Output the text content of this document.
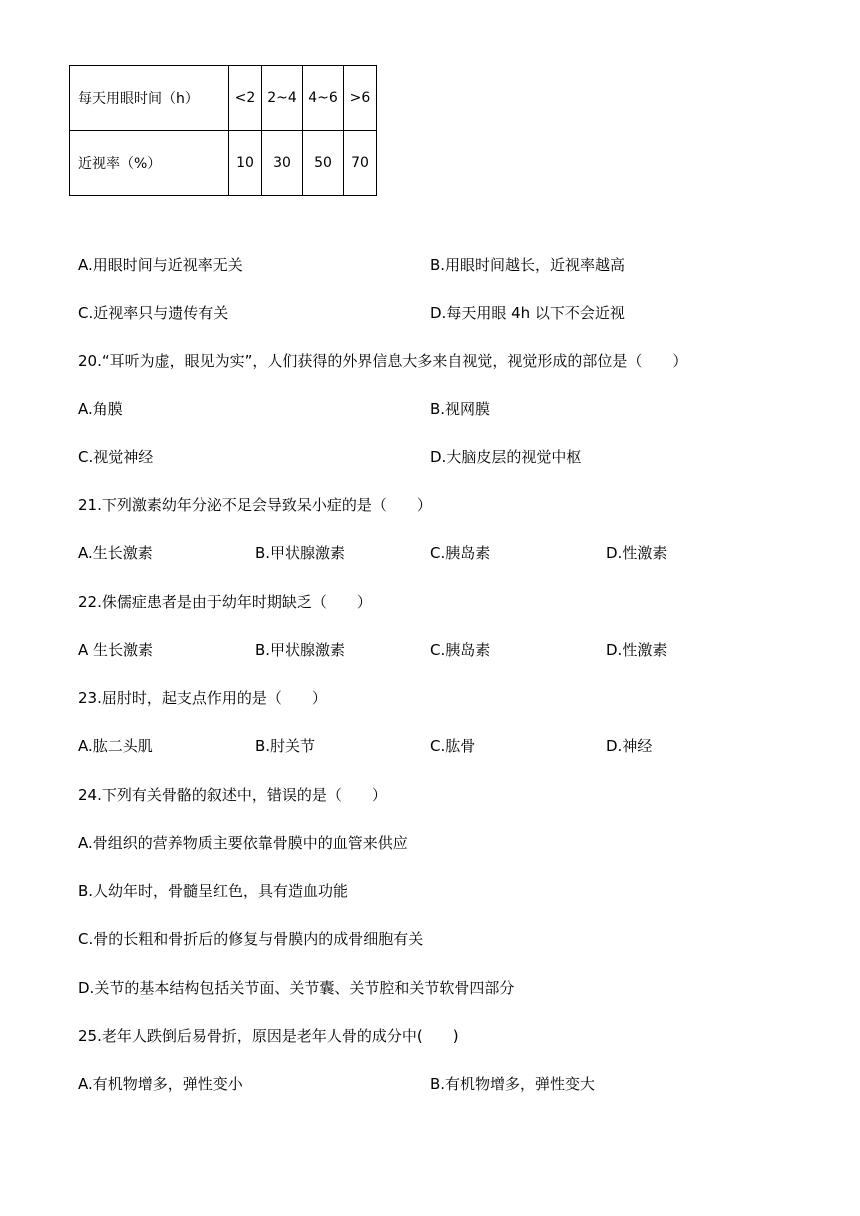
每天用眼时间（h）	<2	2~4	4~6	>6
近视率（%）	10	30	50	70
A.用眼时间与近视率无关	B.用眼时间越长，近视率越高
C.近视率只与遗传有关	D.每天用眼 4h 以下不会近视
20.“耳听为虚，眼见为实”，人们获得的外界信息大多来自视觉，视觉形成的部位是（　　）
A.角膜	B.视网膜
C.视觉神经	D.大脑皮层的视觉中枢
21.下列激素幼年分泌不足会导致呆小症的是（　　）
A.生长激素	B.甲状腺激素	C.胰岛素	D.性激素
22.侏儒症患者是由于幼年时期缺乏（　　）
A 生长激素	B.甲状腺激素	C.胰岛素	D.性激素
23.屈肘时，起支点作用的是（　　）
A.肱二头肌	B.肘关节	C.肱骨	D.神经
24.下列有关骨骼的叙述中，错误的是（　　）
A.骨组织的营养物质主要依靠骨膜中的血管来供应
B.人幼年时，骨髓呈红色，具有造血功能
C.骨的长粗和骨折后的修复与骨膜内的成骨细胞有关
D.关节的基本结构包括关节面、关节囊、关节腔和关节软骨四部分
25.老年人跌倒后易骨折，原因是老年人骨的成分中(　　)
A.有机物增多，弹性变小	B.有机物增多，弹性变大
